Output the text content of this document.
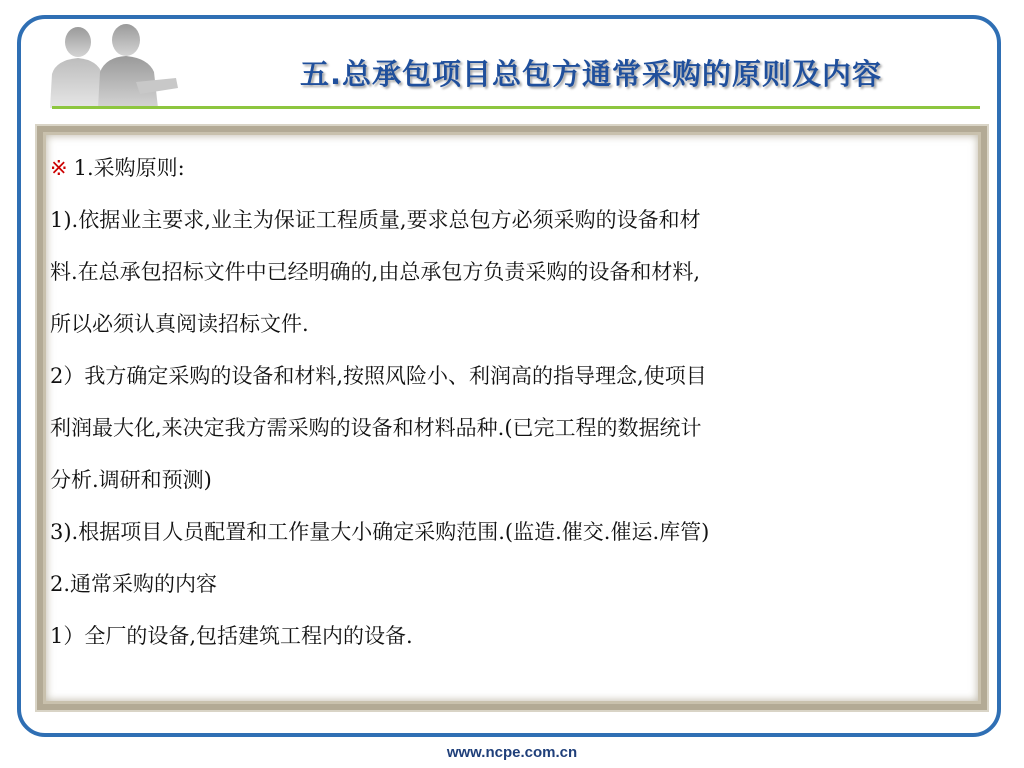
五.总承包项目总包方通常采购的原则及内容
※ 1.采购原则:
1).依据业主要求,业主为保证工程质量,要求总包方必须采购的设备和材
料.在总承包招标文件中已经明确的,由总承包方负责采购的设备和材料,
所以必须认真阅读招标文件.
2）我方确定采购的设备和材料,按照风险小、利润高的指导理念,使项目
利润最大化,来决定我方需采购的设备和材料品种.(已完工程的数据统计
分析.调研和预测)
3).根据项目人员配置和工作量大小确定采购范围.(监造.催交.催运.库管)
2.通常采购的内容
1）全厂的设备,包括建筑工程内的设备.
www.ncpe.com.cn
